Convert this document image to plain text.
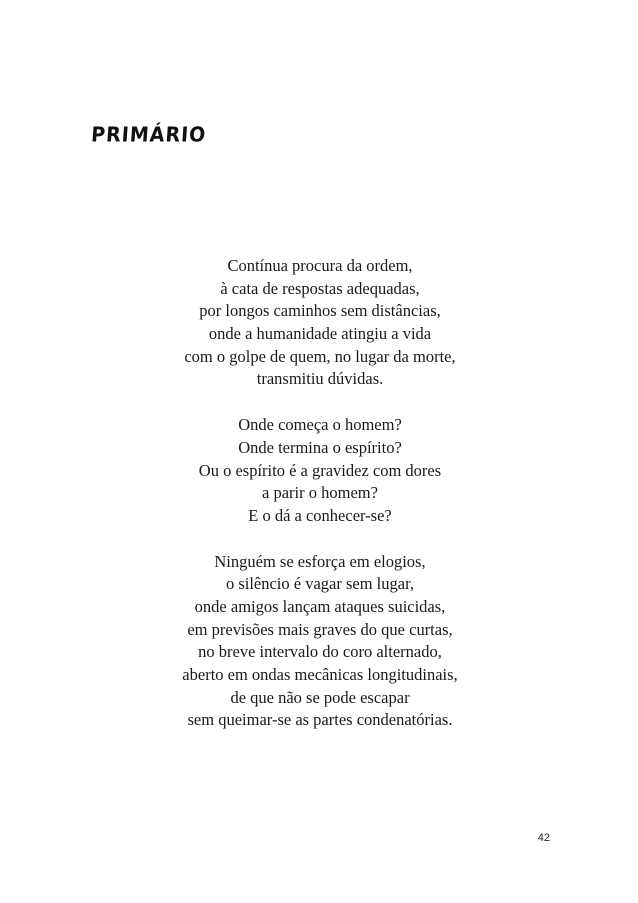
PRIMÁRIO
Contínua procura da ordem,
à cata de respostas adequadas,
por longos caminhos sem distâncias,
onde a humanidade atingiu a vida
com o golpe de quem, no lugar da morte,
transmitiu dúvidas.
Onde começa o homem?
Onde termina o espírito?
Ou o espírito é a gravidez com dores
a parir o homem?
E o dá a conhecer-se?
Ninguém se esforça em elogios,
o silêncio é vagar sem lugar,
onde amigos lançam ataques suicidas,
em previsões mais graves do que curtas,
no breve intervalo do coro alternado,
aberto em ondas mecânicas longitudinais,
de que não se pode escapar
sem queimar-se as partes condenatórias.
42
